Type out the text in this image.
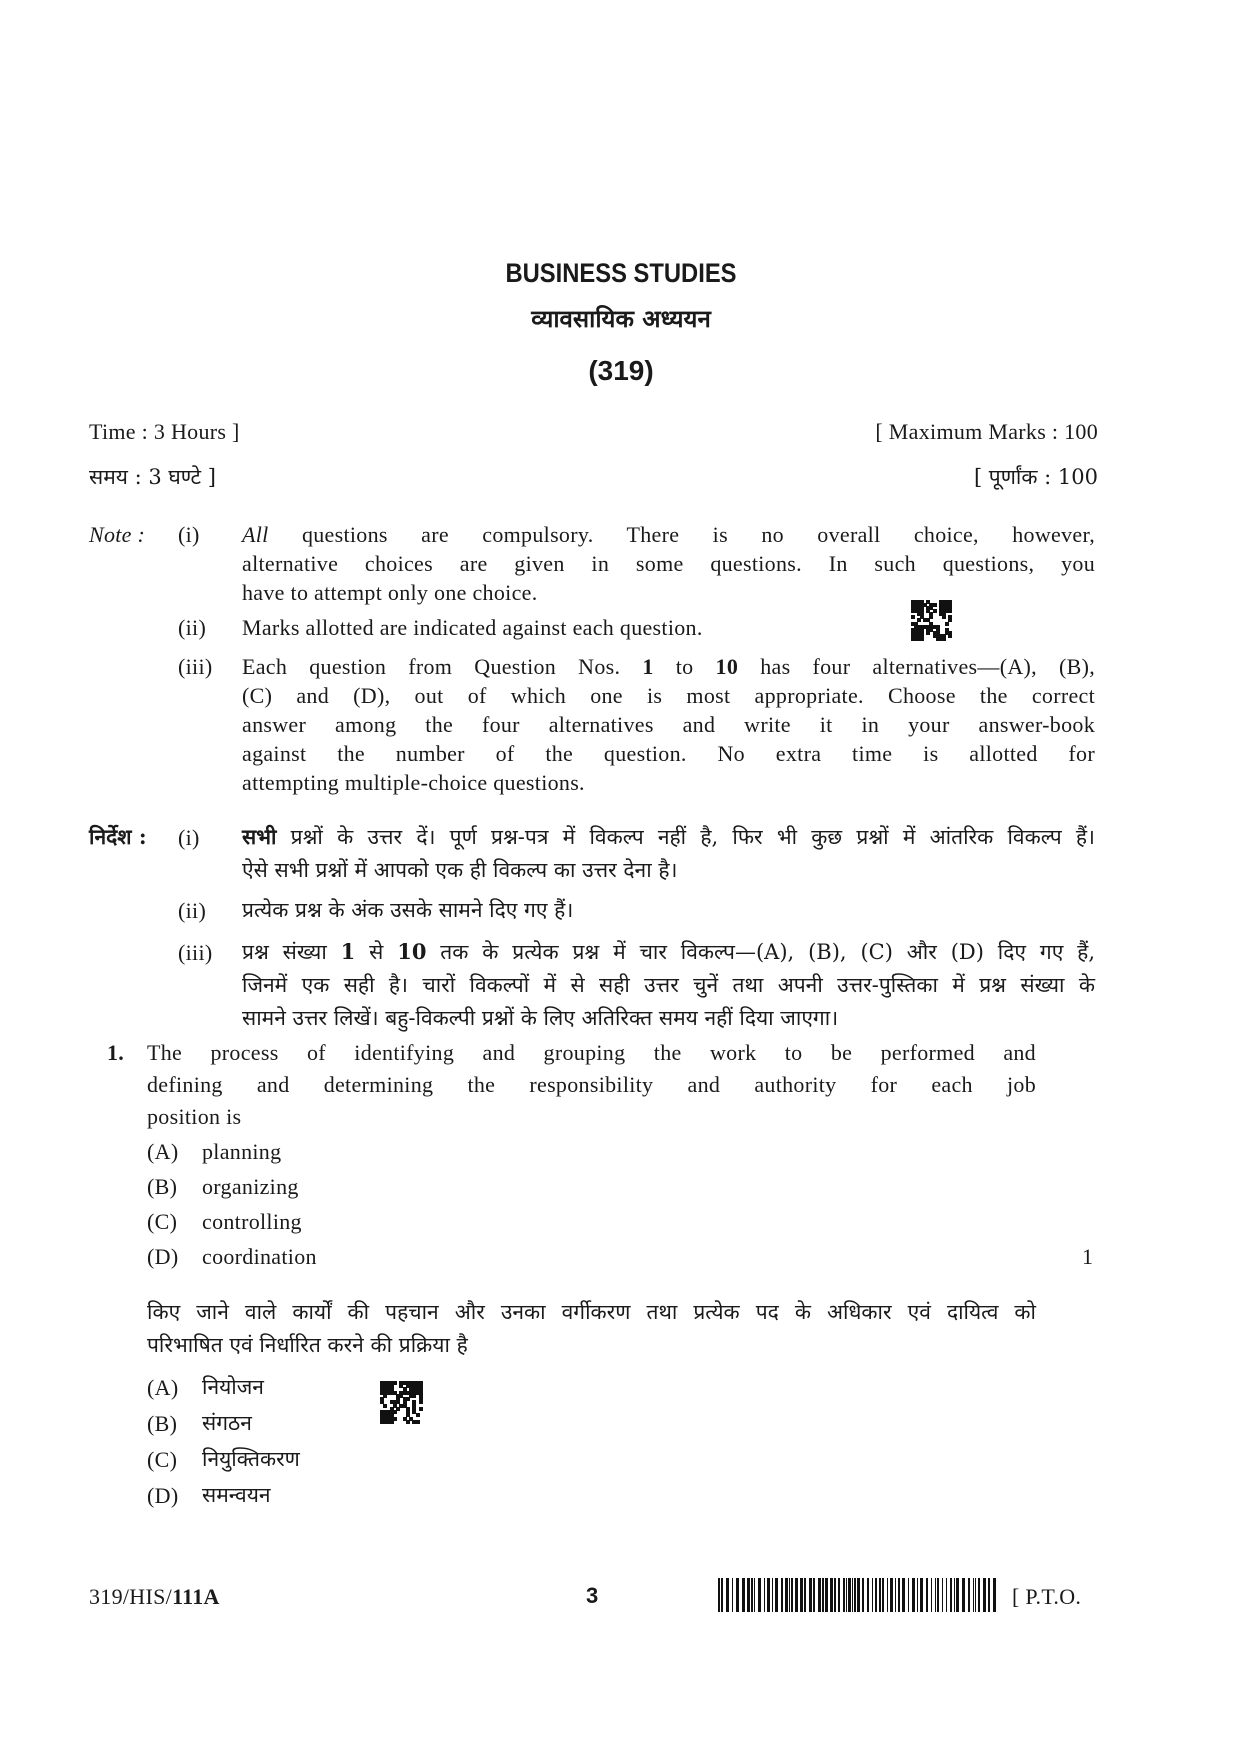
BUSINESS STUDIES
व्यावसायिक अध्ययन
(319)
Time : 3 Hours ]	[ Maximum Marks : 100
समय : 3 घण्टे ]	[ पूर्णांक : 100
Note : (i) All questions are compulsory. There is no overall choice, however,
alternative choices are given in some questions. In such questions, you
have to attempt only one choice.
(ii) Marks allotted are indicated against each question.
(iii) Each question from Question Nos. 1 to 10 has four alternatives—(A), (B),
(C) and (D), out of which one is most appropriate. Choose the correct
answer among the four alternatives and write it in your answer-book
against the number of the question. No extra time is allotted for
attempting multiple-choice questions.
निर्देश : (i) सभी प्रश्नों के उत्तर दें। पूर्ण प्रश्न-पत्र में विकल्प नहीं है, फिर भी कुछ प्रश्नों में आंतरिक विकल्प हैं।
ऐसे सभी प्रश्नों में आपको एक ही विकल्प का उत्तर देना है।
(ii) प्रत्येक प्रश्न के अंक उसके सामने दिए गए हैं।
(iii) प्रश्न संख्या 1 से 10 तक के प्रत्येक प्रश्न में चार विकल्प—(A), (B), (C) और (D) दिए गए हैं,
जिनमें एक सही है। चारों विकल्पों में से सही उत्तर चुनें तथा अपनी उत्तर-पुस्तिका में प्रश्न संख्या के
सामने उत्तर लिखें। बहु-विकल्पी प्रश्नों के लिए अतिरिक्त समय नहीं दिया जाएगा।
1. The process of identifying and grouping the work to be performed and
defining and determining the responsibility and authority for each job
position is
(A) planning
(B) organizing
(C) controlling
(D) coordination	1
किए जाने वाले कार्यों की पहचान और उनका वर्गीकरण तथा प्रत्येक पद के अधिकार एवं दायित्व को
परिभाषित एवं निर्धारित करने की प्रक्रिया है
(A) नियोजन
(B) संगठन
(C) नियुक्तिकरण
(D) समन्वयन
319/HIS/111A	3	[ P.T.O.
